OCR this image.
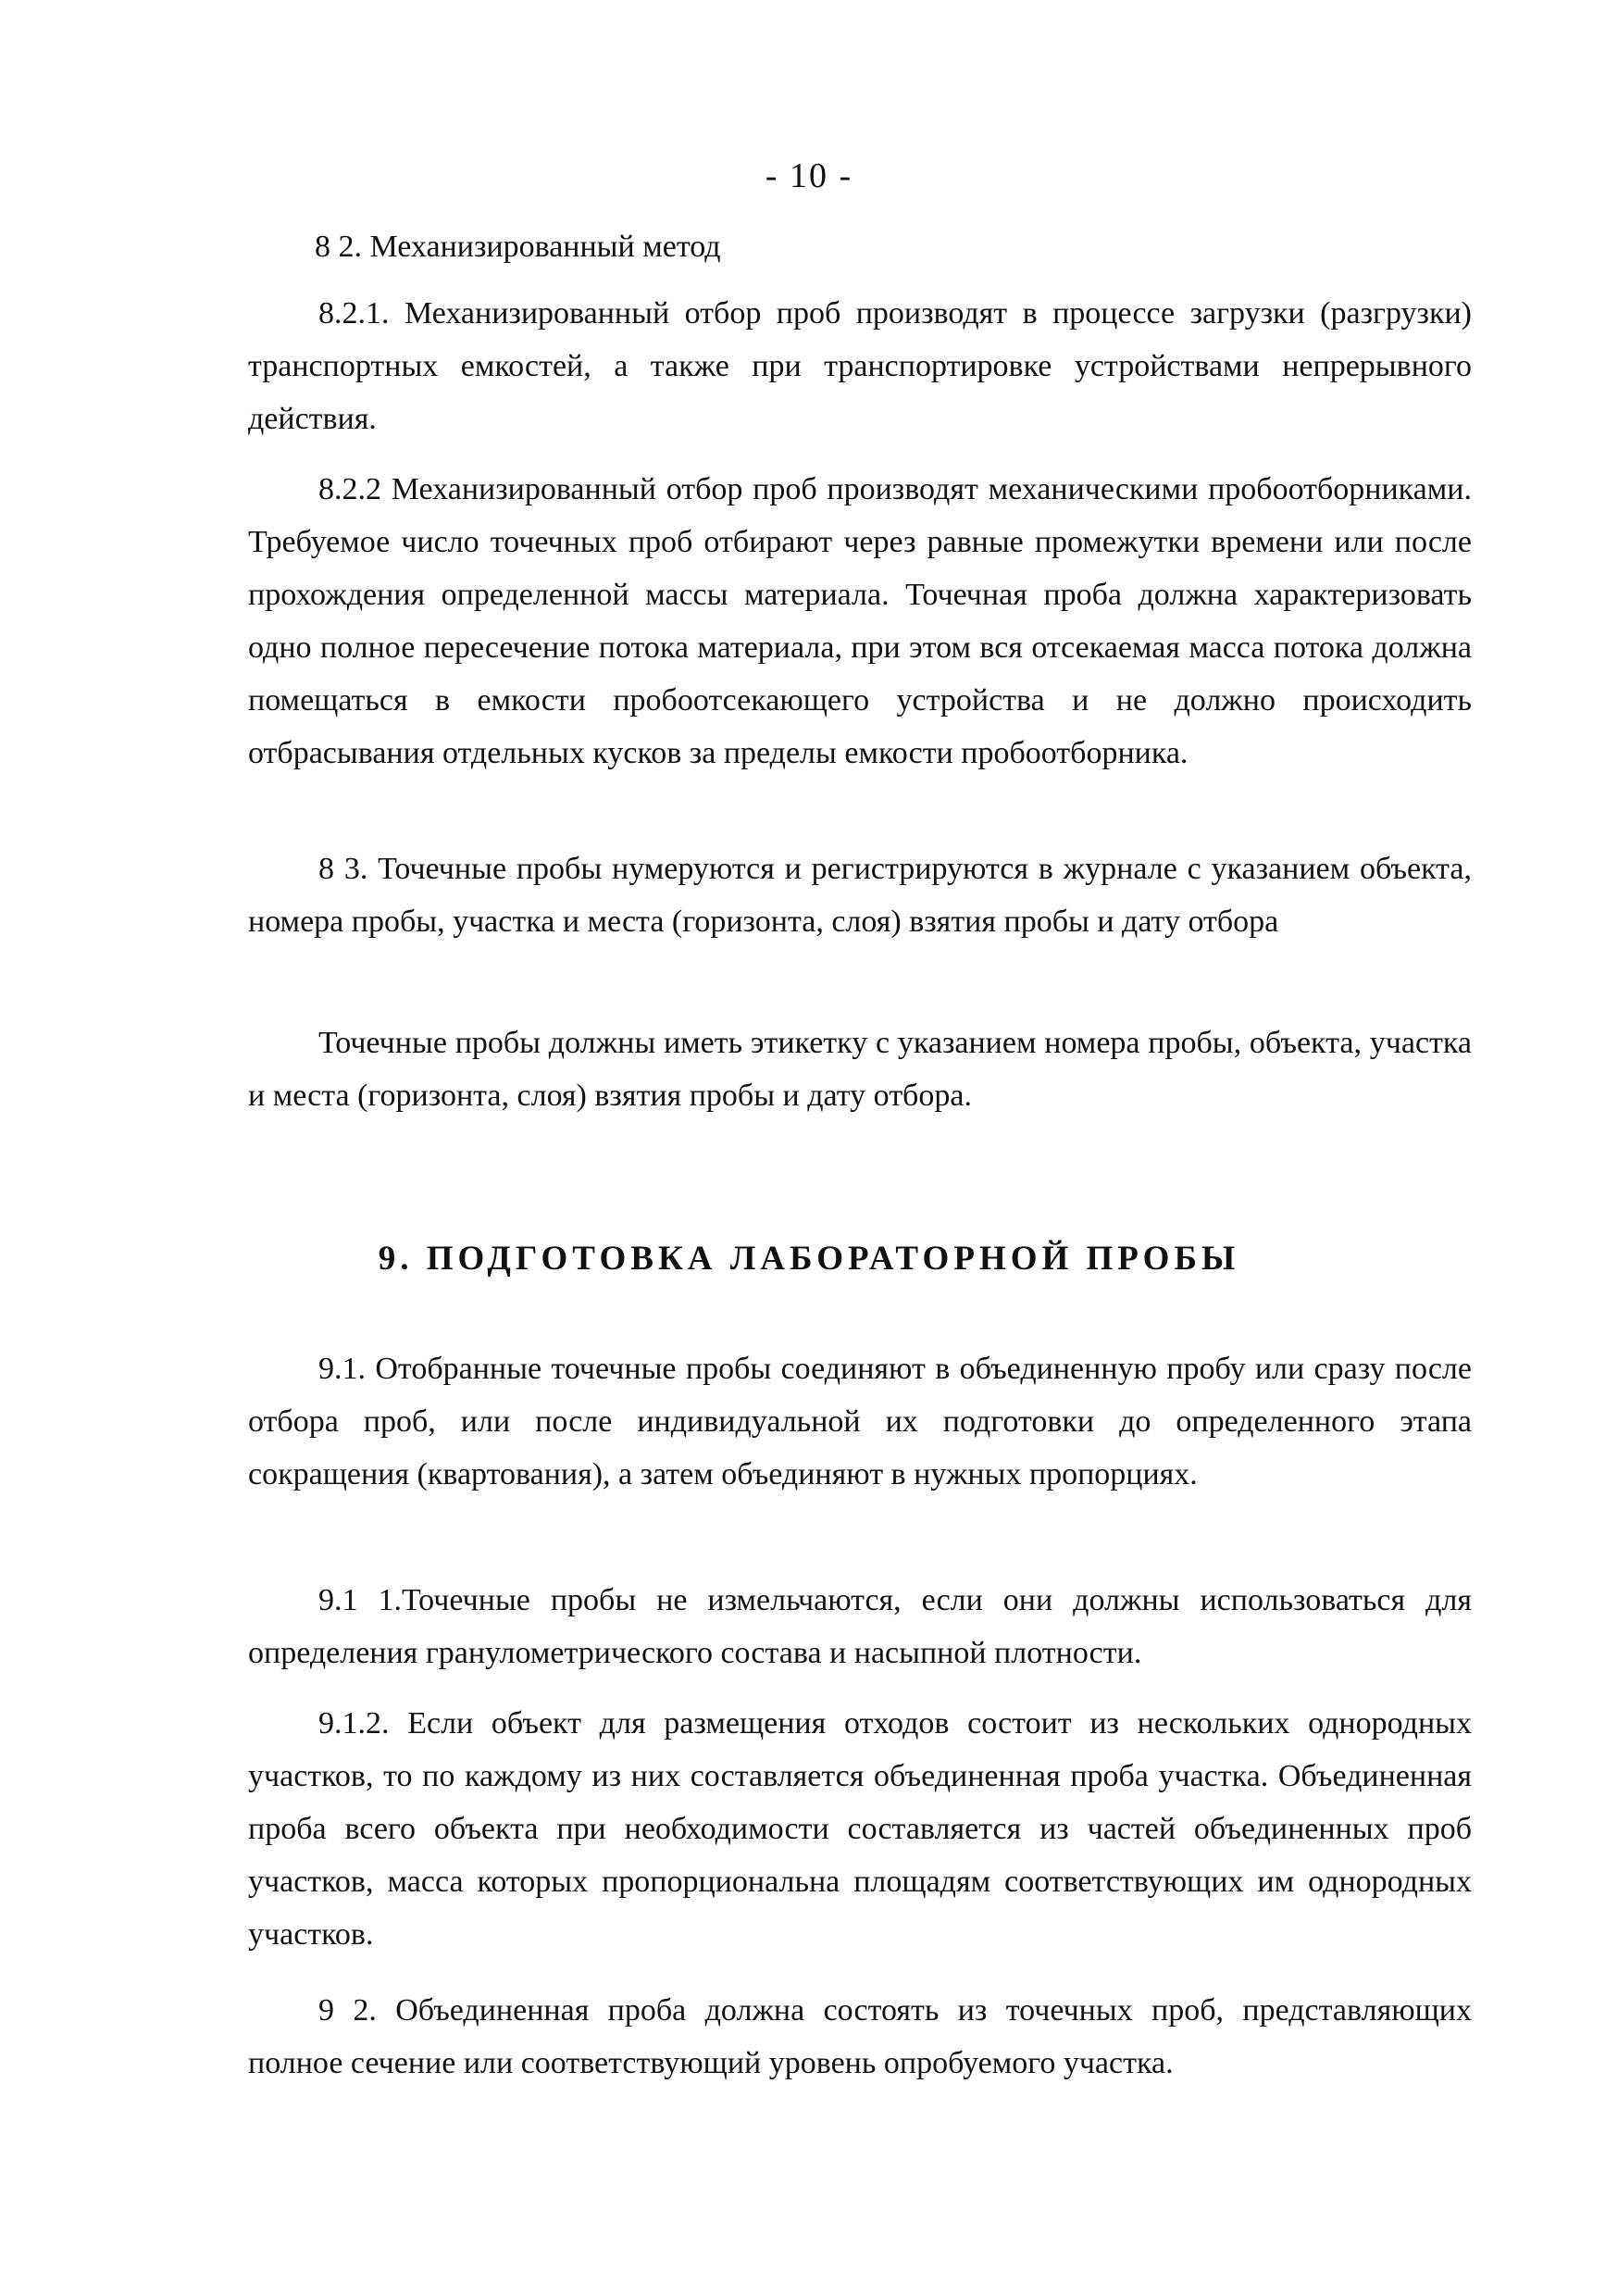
- 10 -
8 2. Механизированный метод

8.2.1. Механизированный отбор проб производят в процессе загрузки (разгрузки) транспортных емкостей, а также при транспортировке устройствами непрерывного действия.

8.2.2 Механизированный отбор проб производят механическими пробоотборниками. Требуемое число точечных проб отбирают через равные промежутки времени или после прохождения определенной массы материала. Точечная проба должна характеризовать одно полное пересечение потока материала, при этом вся отсекаемая масса потока должна помещаться в емкости пробоотсекающего устройства и не должно происходить отбрасывания отдельных кусков за пределы емкости пробоотборника.

8 3. Точечные пробы нумеруются и регистрируются в журнале с указанием объекта, номера пробы, участка и места (горизонта, слоя) взятия пробы и дату отбора

Точечные пробы должны иметь этикетку с указанием номера пробы, объекта, участка и места (горизонта, слоя) взятия пробы и дату отбора.

9. ПОДГОТОВКА ЛАБОРАТОРНОЙ ПРОБЫ

9.1. Отобранные точечные пробы соединяют в объединенную пробу или сразу после отбора проб, или после индивидуальной их подготовки до определенного этапа сокращения (квартования), а затем объединяют в нужных пропорциях.

9.1 1.Точечные пробы не измельчаются, если они должны использоваться для определения гранулометрического состава и насыпной плотности.

9.1.2. Если объект для размещения отходов состоит из нескольких однородных участков, то по каждому из них составляется объединенная проба участка. Объединенная проба всего объекта при необходимости составляется из частей объединенных проб участков, масса которых пропорциональна площадям соответствующих им однородных участков.

9 2. Объединенная проба должна состоять из точечных проб, представляющих полное сечение или соответствующий уровень опробуемого участка.
